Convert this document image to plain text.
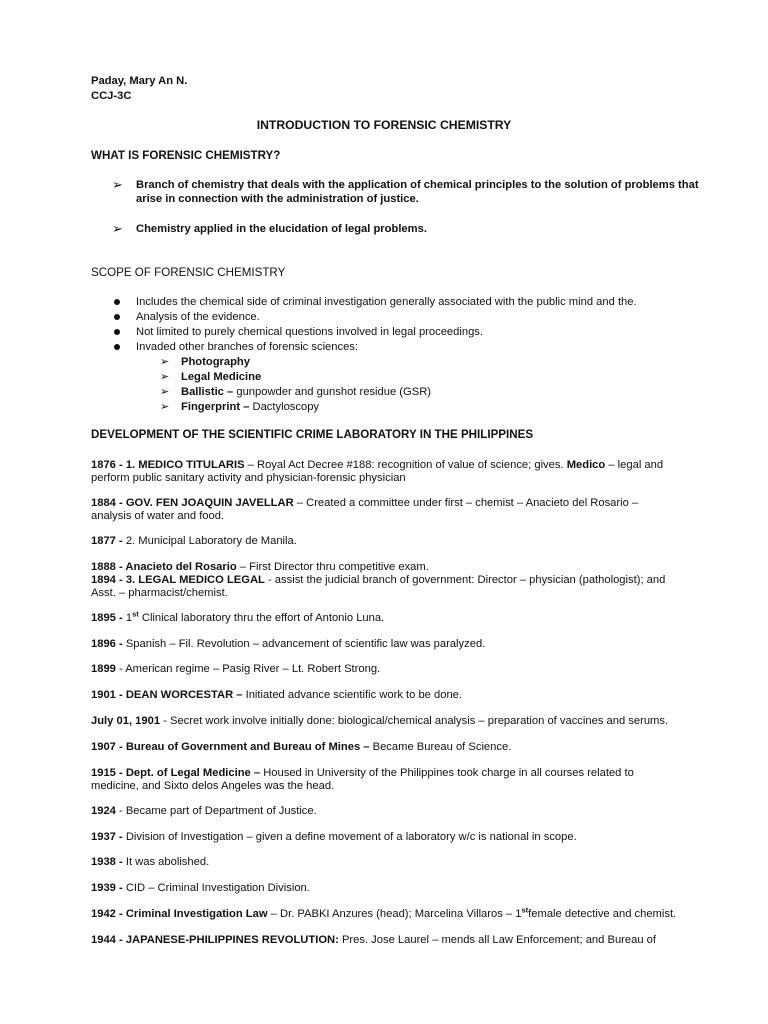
Paday, Mary An N.
CCJ-3C
INTRODUCTION TO FORENSIC CHEMISTRY
WHAT IS FORENSIC CHEMISTRY?
➢ Branch of chemistry that deals with the application of chemical principles to the solution of problems that
arise in connection with the administration of justice.
➢ Chemistry applied in the elucidation of legal problems.
SCOPE OF FORENSIC CHEMISTRY
Includes the chemical side of criminal investigation generally associated with the public mind and the.
Analysis of the evidence.
Not limited to purely chemical questions involved in legal proceedings.
Invaded other branches of forensic sciences:
➢ Photography
➢ Legal Medicine
➢ Ballistic – gunpowder and gunshot residue (GSR)
➢ Fingerprint – Dactyloscopy
DEVELOPMENT OF THE SCIENTIFIC CRIME LABORATORY IN THE PHILIPPINES
1876 - 1. MEDICO TITULARIS – Royal Act Decree #188: recognition of value of science; gives. Medico – legal and
perform public sanitary activity and physician-forensic physician
1884 - GOV. FEN JOAQUIN JAVELLAR – Created a committee under first – chemist – Anacieto del Rosario –
analysis of water and food.
1877 - 2. Municipal Laboratory de Manila.
1888 - Anacieto del Rosario – First Director thru competitive exam.
1894 - 3. LEGAL MEDICO LEGAL - assist the judicial branch of government: Director – physician (pathologist); and
Asst. – pharmacist/chemist.
1895 - 1st Clinical laboratory thru the effort of Antonio Luna.
1896 - Spanish – Fil. Revolution – advancement of scientific law was paralyzed.
1899 - American regime – Pasig River – Lt. Robert Strong.
1901 - DEAN WORCESTAR – Initiated advance scientific work to be done.
July 01, 1901 - Secret work involve initially done: biological/chemical analysis – preparation of vaccines and serums.
1907 - Bureau of Government and Bureau of Mines – Became Bureau of Science.
1915 - Dept. of Legal Medicine – Housed in University of the Philippines took charge in all courses related to
medicine, and Sixto delos Angeles was the head.
1924 - Became part of Department of Justice.
1937 - Division of Investigation – given a define movement of a laboratory w/c is national in scope.
1938 - It was abolished.
1939 - CID – Criminal Investigation Division.
1942 - Criminal Investigation Law – Dr. PABKI Anzures (head); Marcelina Villaros – 1stfemale detective and chemist.
1944 - JAPANESE-PHILIPPINES REVOLUTION: Pres. Jose Laurel – mends all Law Enforcement; and Bureau of
